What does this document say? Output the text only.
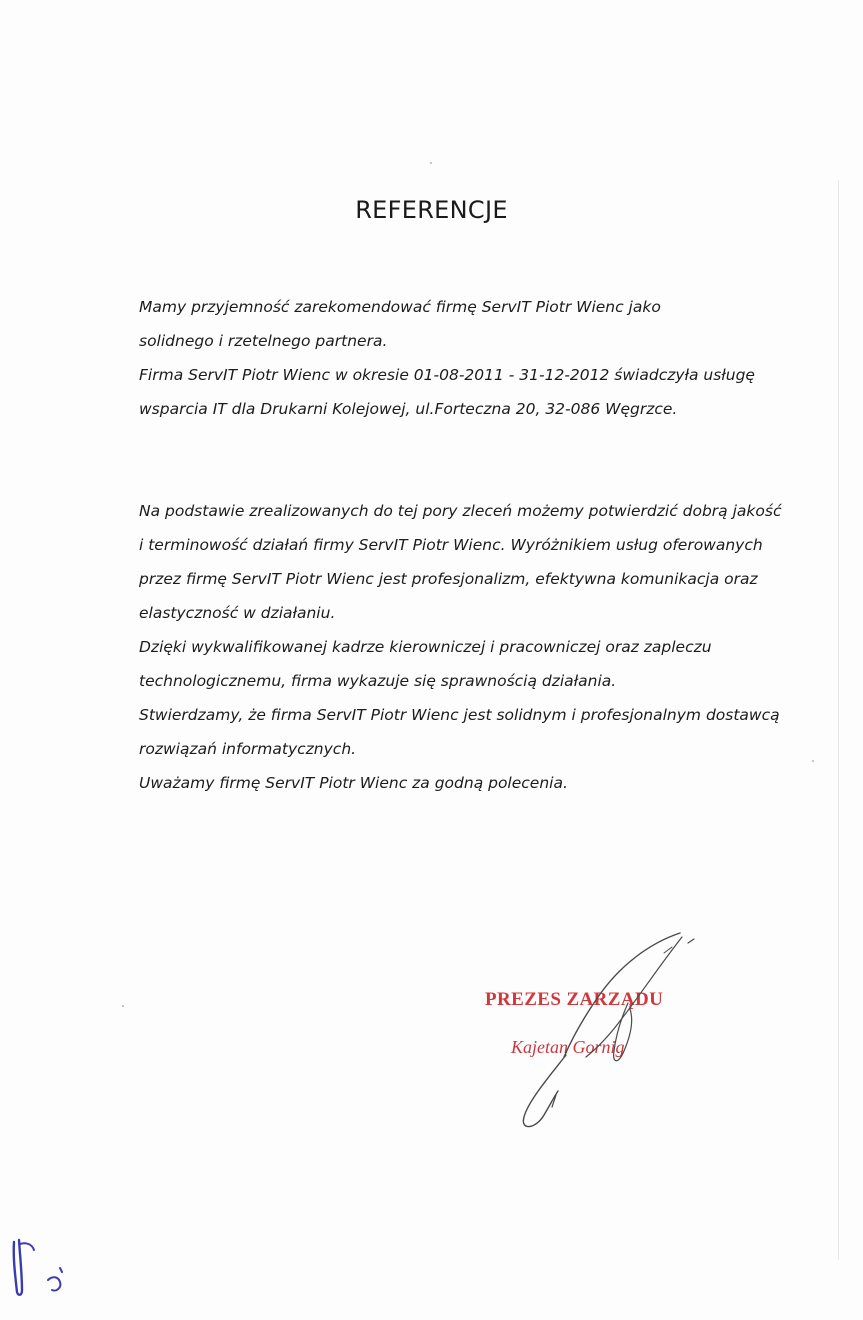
REFERENCJE
Mamy przyjemność zarekomendować firmę ServIT Piotr Wienc jako
solidnego i rzetelnego partnera.
Firma ServIT Piotr Wienc w okresie 01-08-2011 - 31-12-2012 świadczyła usługę
wsparcia IT dla Drukarni Kolejowej, ul.Forteczna 20, 32-086 Węgrzce.
Na podstawie zrealizowanych do tej pory zleceń możemy potwierdzić dobrą jakość
i terminowość działań firmy ServIT Piotr Wienc. Wyróżnikiem usług oferowanych
przez firmę ServIT Piotr Wienc jest profesjonalizm, efektywna komunikacja oraz
elastyczność w działaniu.
Dzięki wykwalifikowanej kadrze kierowniczej i pracowniczej oraz zapleczu
technologicznemu, firma wykazuje się sprawnością działania.
Stwierdzamy, że firma ServIT Piotr Wienc jest solidnym i profesjonalnym dostawcą
rozwiązań informatycznych.
Uważamy firmę ServIT Piotr Wienc za godną polecenia.
PREZES ZARZĄDU
Kajetan Gornig
